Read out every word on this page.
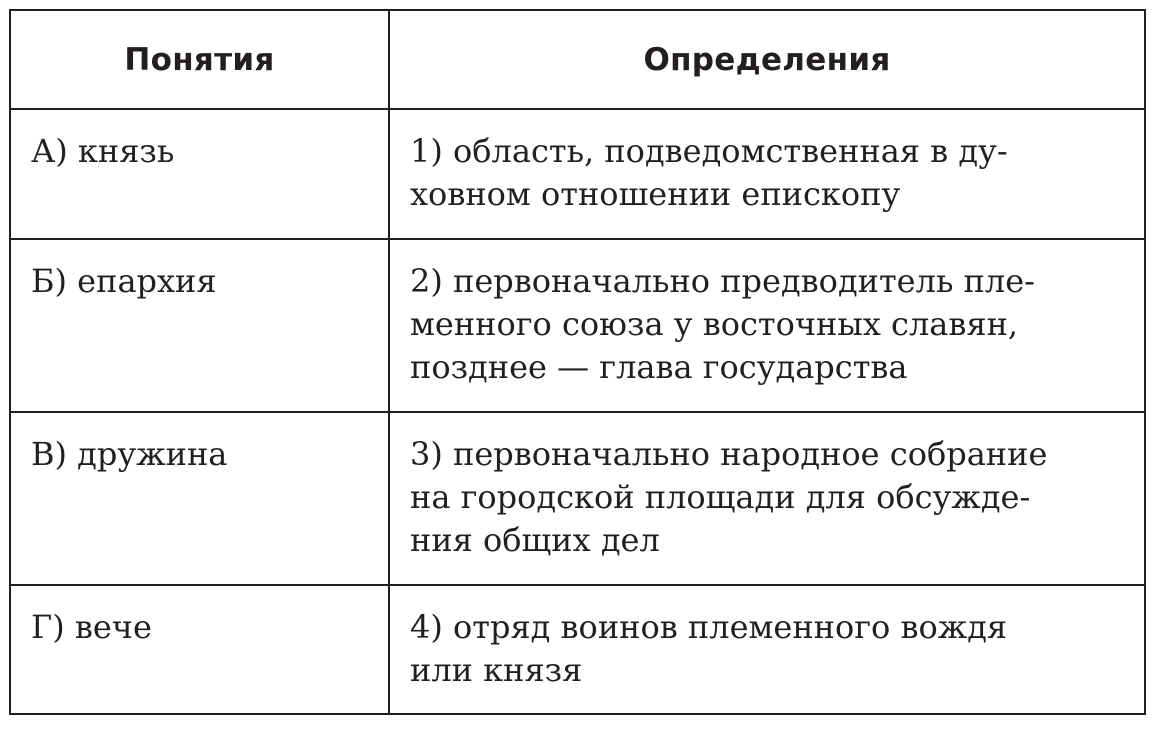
Понятия	Определения
А) князь	1) область, подведомственная в ду-
ховном отношении епископу

Б) епархия	2) первоначально предводитель пле-
менного союза у восточных славян,
позднее — глава государства

В) дружина	3) первоначально народное собрание
на городской площади для обсужде-
ния общих дел

Г) вече	4) отряд воинов племенного вождя
или князя
